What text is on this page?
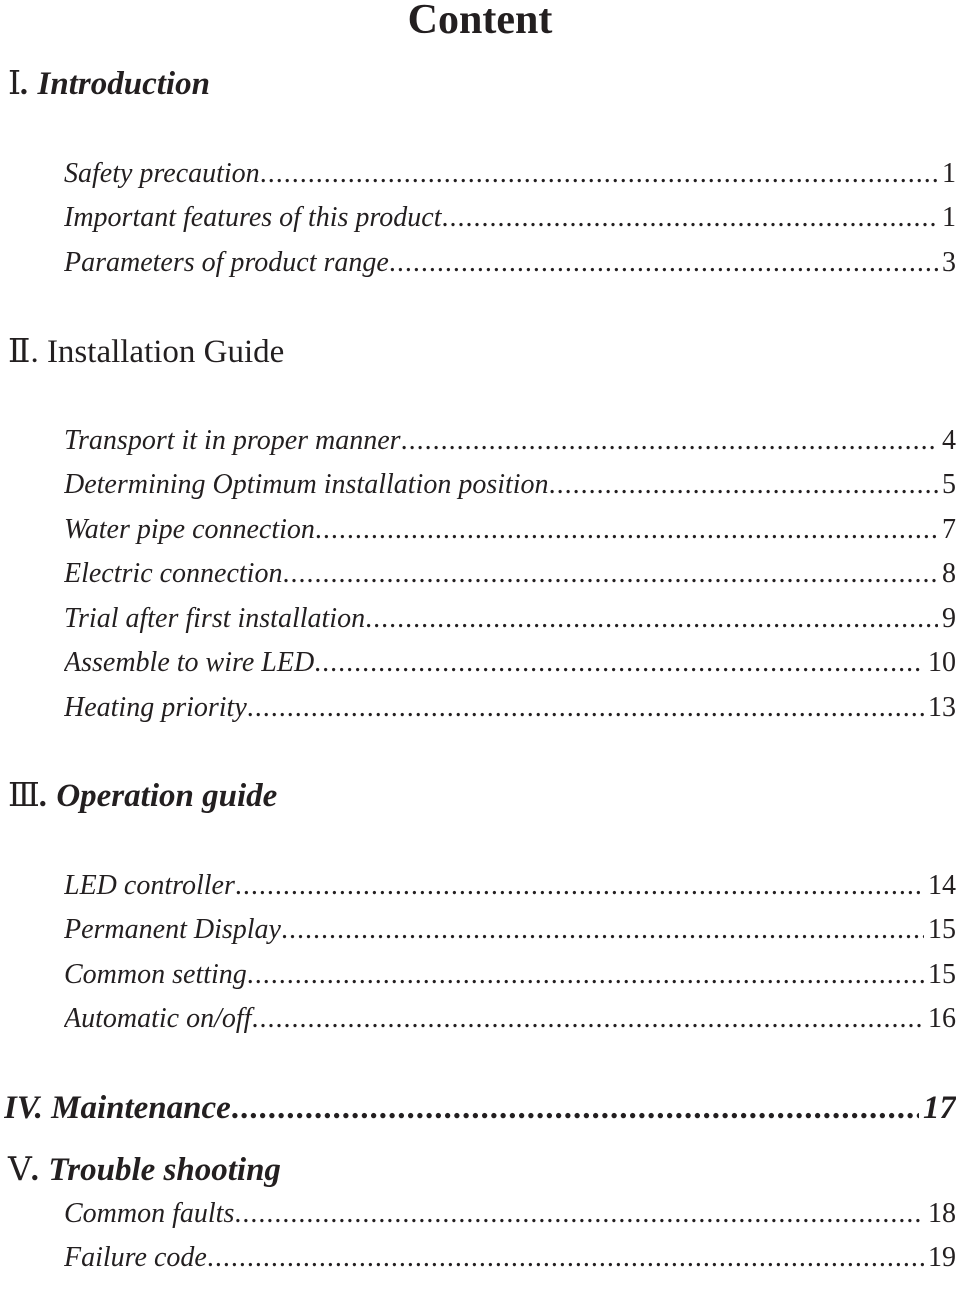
Content
Ⅰ. Introduction
Safety precaution .....	1
Important features of this product .....	1
Parameters of product range .....	3
Ⅱ. Installation Guide
Transport it in proper manner .....	4
Determining Optimum installation position .....	5
Water pipe connection .....	7
Electric connection .....	8
Trial after first installation .....	9
Assemble to wire LED .....	10
Heating priority .....	13
Ⅲ. Operation guide
LED controller .....	14
Permanent Display .....	15
Common setting .....	15
Automatic on/off .....	16
IV. Maintenance .....	17
Ⅴ. Trouble shooting
Common faults .....	18
Failure code .....	19
